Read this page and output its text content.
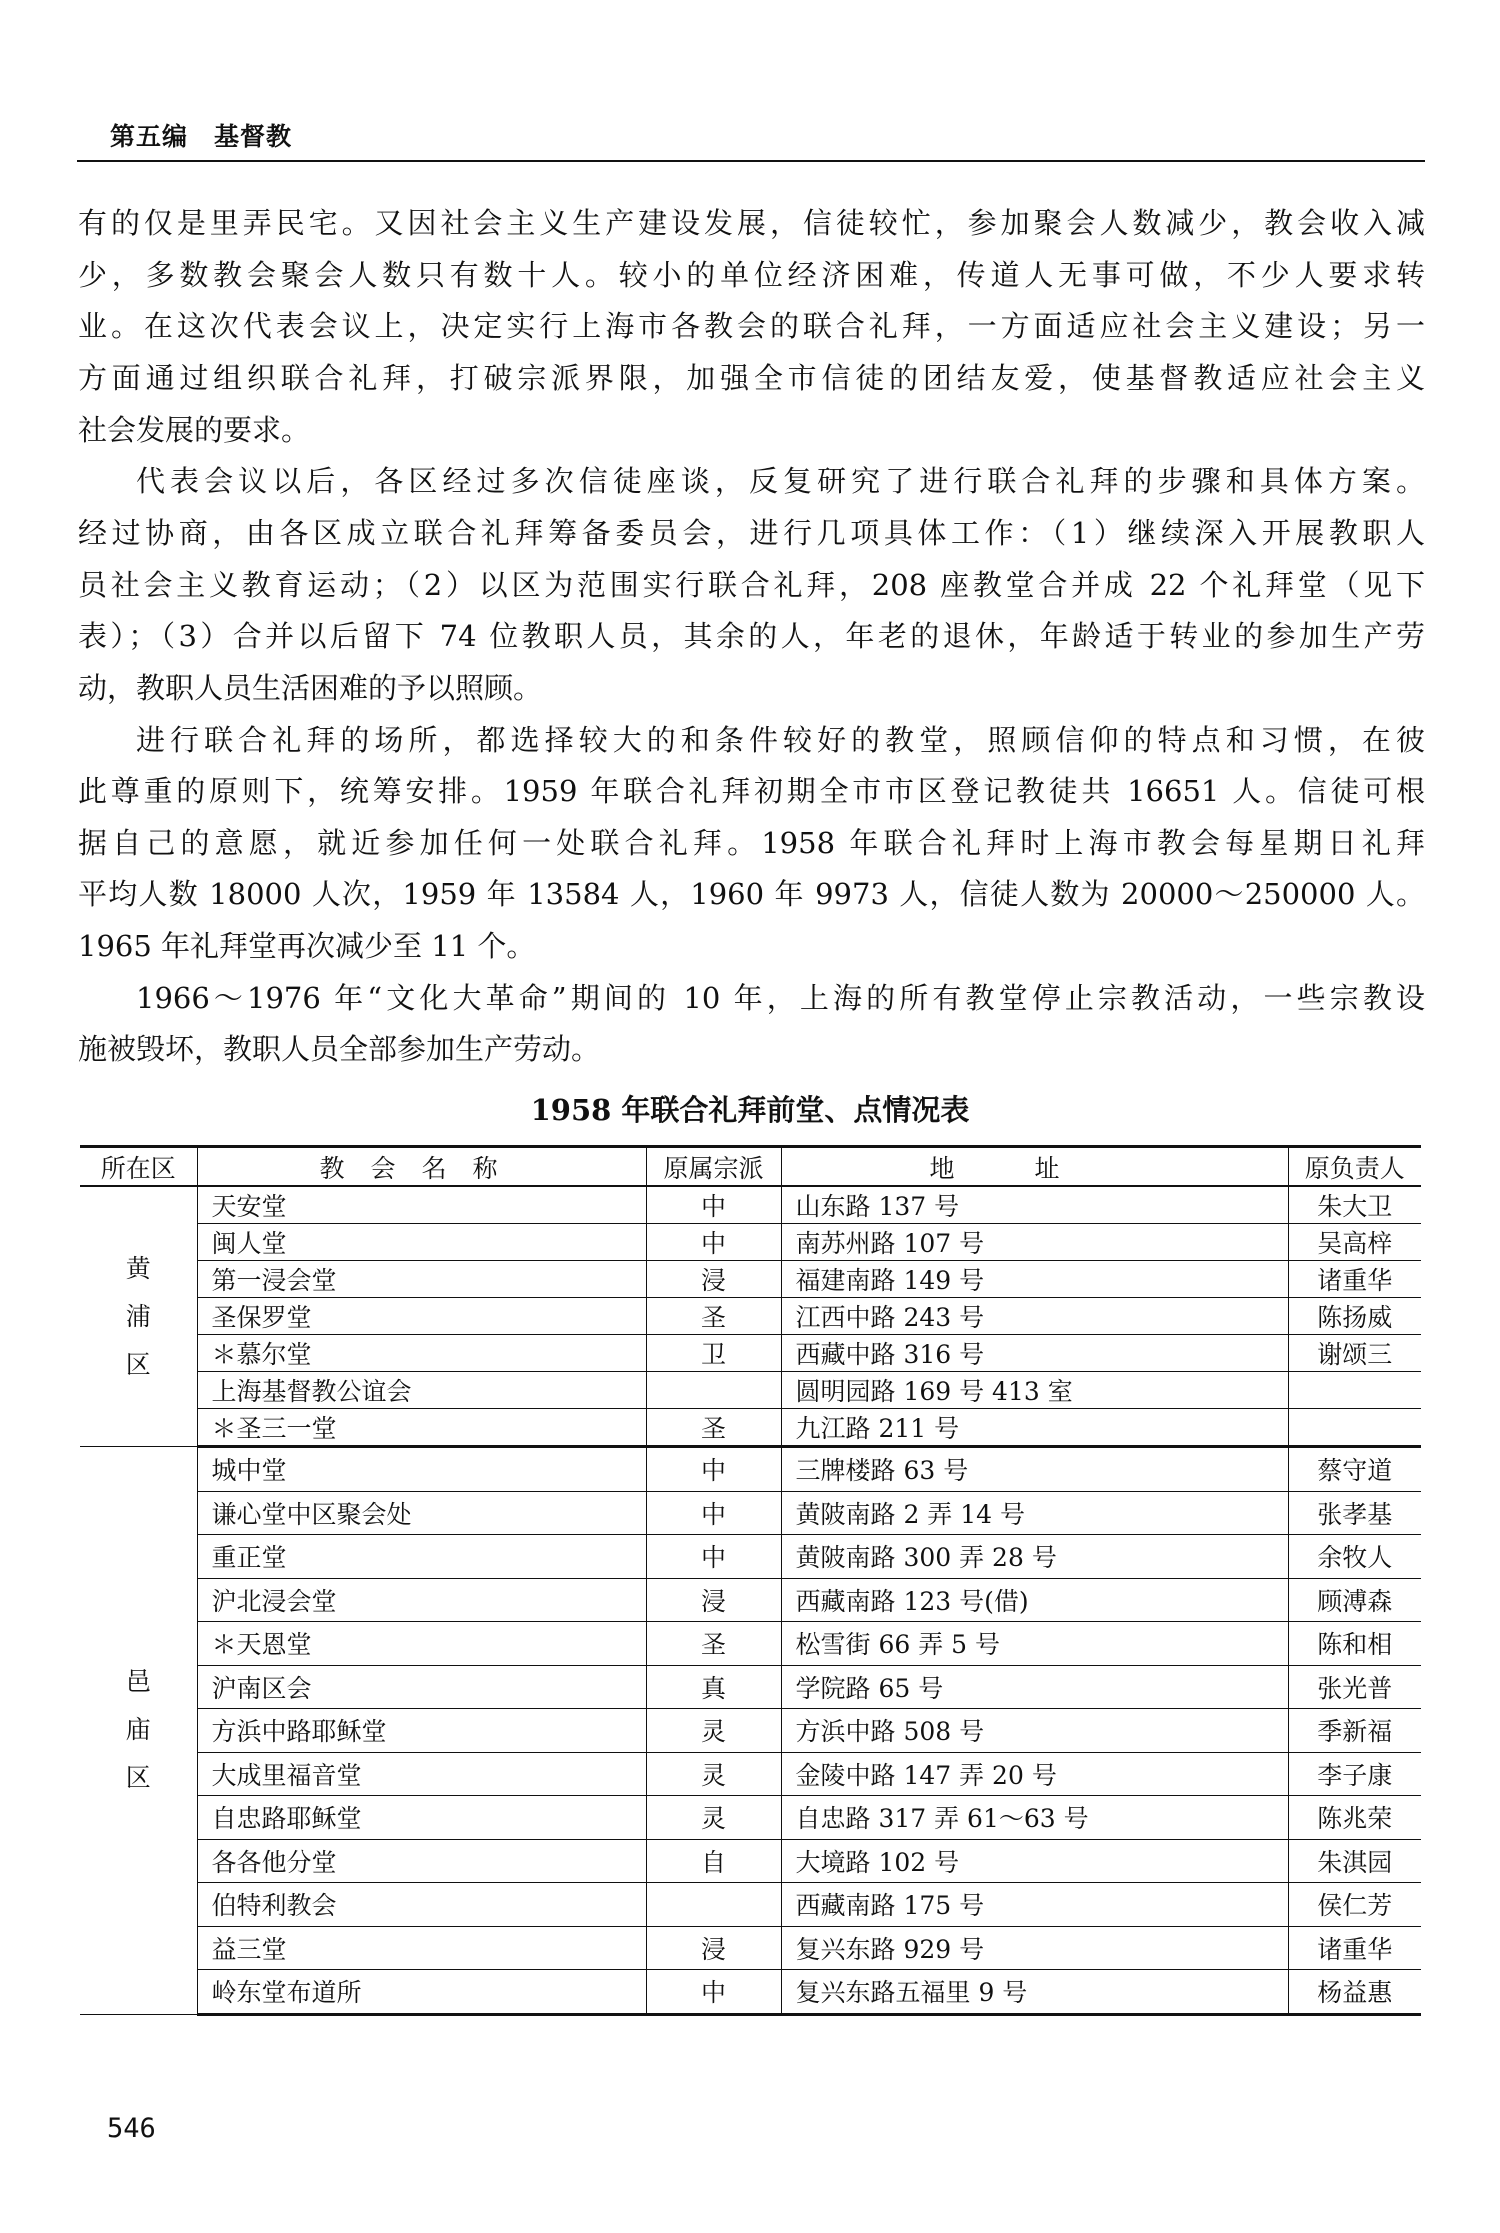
第五编　基督教
有的仅是里弄民宅。又因社会主义生产建设发展，信徒较忙，参加聚会人数减少，教会收入减
少，多数教会聚会人数只有数十人。较小的单位经济困难，传道人无事可做，不少人要求转
业。在这次代表会议上，决定实行上海市各教会的联合礼拜，一方面适应社会主义建设；另一
方面通过组织联合礼拜，打破宗派界限，加强全市信徒的团结友爱，使基督教适应社会主义
社会发展的要求。
代表会议以后，各区经过多次信徒座谈，反复研究了进行联合礼拜的步骤和具体方案。
经过协商，由各区成立联合礼拜筹备委员会，进行几项具体工作：（1）继续深入开展教职人
员社会主义教育运动；（2）以区为范围实行联合礼拜，208 座教堂合并成 22 个礼拜堂（见下
表）；（3）合并以后留下 74 位教职人员，其余的人，年老的退休，年龄适于转业的参加生产劳
动，教职人员生活困难的予以照顾。
进行联合礼拜的场所，都选择较大的和条件较好的教堂，照顾信仰的特点和习惯，在彼
此尊重的原则下，统筹安排。1959 年联合礼拜初期全市市区登记教徒共 16651 人。信徒可根
据自己的意愿，就近参加任何一处联合礼拜。1958 年联合礼拜时上海市教会每星期日礼拜
平均人数 18000 人次，1959 年 13584 人，1960 年 9973 人，信徒人数为 20000～250000 人。
1965 年礼拜堂再次减少至 11 个。
1966～1976 年“文化大革命”期间的 10 年，上海的所有教堂停止宗教活动，一些宗教设
施被毁坏，教职人员全部参加生产劳动。
1958 年联合礼拜前堂、点情况表
所在区	教会名称	原属宗派	地址	原负责人

黄
浦
区	天安堂	中	山东路 137 号	朱大卫
	闽人堂	中	南苏州路 107 号	吴高梓
	第一浸会堂	浸	福建南路 149 号	诸重华
	圣保罗堂	圣	江西中路 243 号	陈扬威
	＊慕尔堂	卫	西藏中路 316 号	谢颂三
	上海基督教公谊会		圆明园路 169 号 413 室	
	＊圣三一堂	圣	九江路 211 号	

邑
庙
区	城中堂	中	三牌楼路 63 号	蔡守道
	谦心堂中区聚会处	中	黄陂南路 2 弄 14 号	张孝基
	重正堂	中	黄陂南路 300 弄 28 号	余牧人
	沪北浸会堂	浸	西藏南路 123 号(借)	顾溥森
	＊天恩堂	圣	松雪街 66 弄 5 号	陈和相
	沪南区会	真	学院路 65 号	张光普
	方浜中路耶稣堂	灵	方浜中路 508 号	季新福
	大成里福音堂	灵	金陵中路 147 弄 20 号	李子康
	自忠路耶稣堂	灵	自忠路 317 弄 61～63 号	陈兆荣
	各各他分堂	自	大境路 102 号	朱淇园
	伯特利教会		西藏南路 175 号	侯仁芳
	益三堂	浸	复兴东路 929 号	诸重华
	岭东堂布道所	中	复兴东路五福里 9 号	杨益惠
546
